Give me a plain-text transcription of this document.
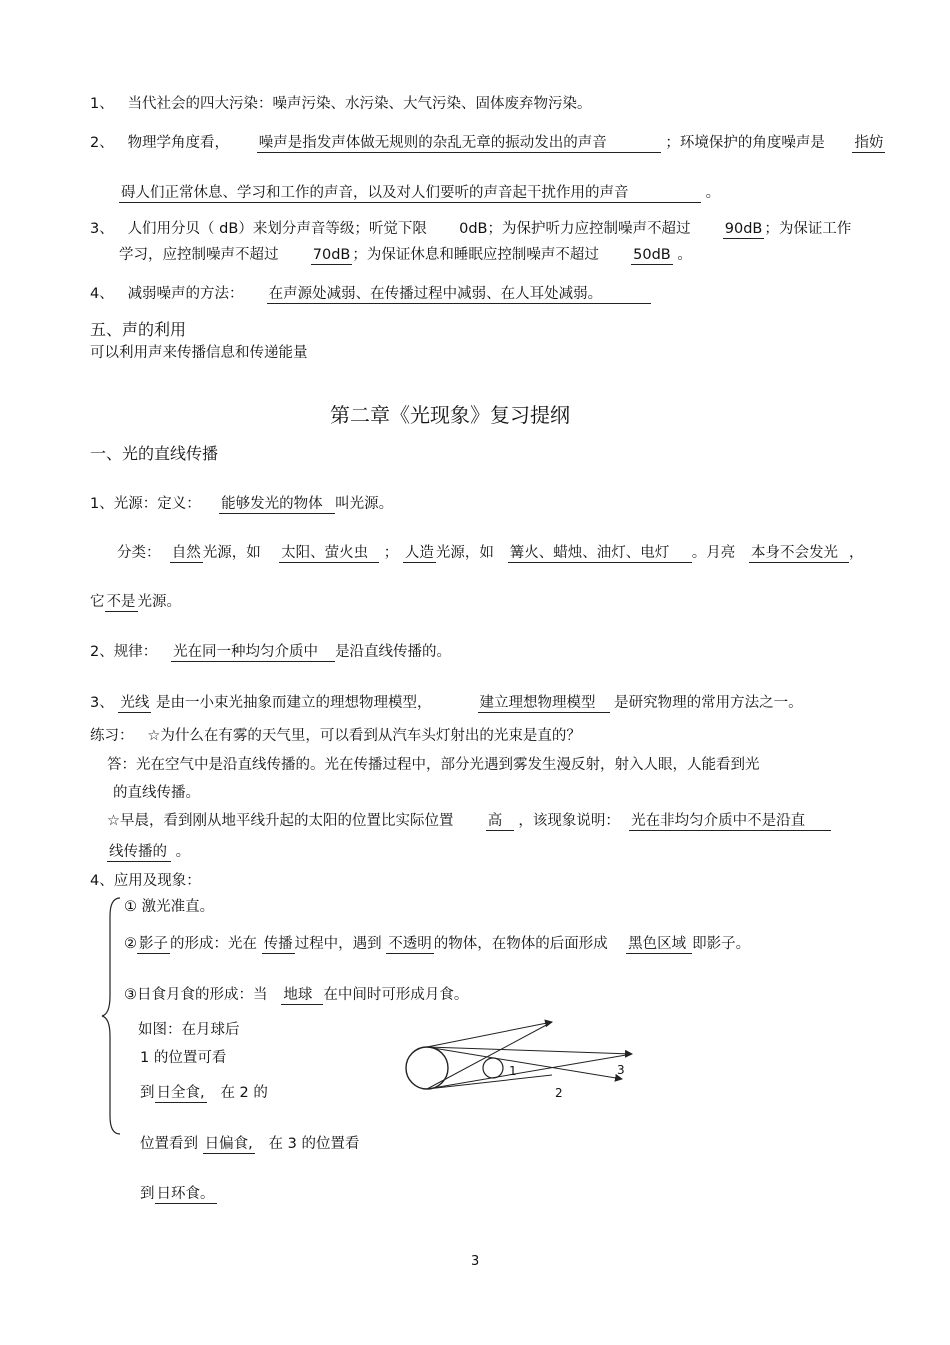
1、 当代社会的四大污染：噪声污染、水污染、大气污染、固体废弃物污染。
2、 物理学角度看， 噪声是指发声体做无规则的杂乱无章的振动发出的声音	；环境保护的角度噪声是 指妨
碍人们正常休息、学习和工作的声音，以及对人们要听的声音起干扰作用的声音	。
3、 人们用分贝（ dB）来划分声音等级；听觉下限 0dB；为保护听力应控制噪声不超过 90dB ；为保证工作
学习，应控制噪声不超过 70dB ；为保证休息和睡眠应控制噪声不超过 50dB 。
4、 减弱噪声的方法： 在声源处减弱、在传播过程中减弱、在人耳处减弱。
五、声的利用
可以利用声来传播信息和传递能量
第二章《光现象》复习提纲
一、光的直线传播
1、光源：定义： 能够发光的物体 叫光源。
分类： 自然 光源，如 太阳、萤火虫 ； 人造 光源，如 篝火、蜡烛、油灯、电灯 。月亮 本身不会发光 ，
它 不是 光源。
2、规律： 光在同一种均匀介质中 是沿直线传播的。
3、 光线 是由一小束光抽象而建立的理想物理模型，	建立理想物理模型 是研究物理的常用方法之一。
练习： ☆为什么在有雾的天气里，可以看到从汽车头灯射出的光束是直的？
答：光在空气中是沿直线传播的。光在传播过程中，部分光遇到雾发生漫反射，射入人眼，人能看到光
的直线传播。
☆早晨，看到刚从地平线升起的太阳的位置比实际位置 高 ，该现象说明： 光在非均匀介质中不是沿直
线传播的 。
4、应用及现象：
① 激光准直。
② 影子 的形成：光在 传播 过程中，遇到 不透明 的物体，在物体的后面形成 黑色区域 即影子。
③日食月食的形成：当 地球 在中间时可形成月食。
如图：在月球后
1 的位置可看
到 日全食, 在 2 的
位置看到 日偏食, 在 3 的位置看
到 日环食。
1
2
3
3
